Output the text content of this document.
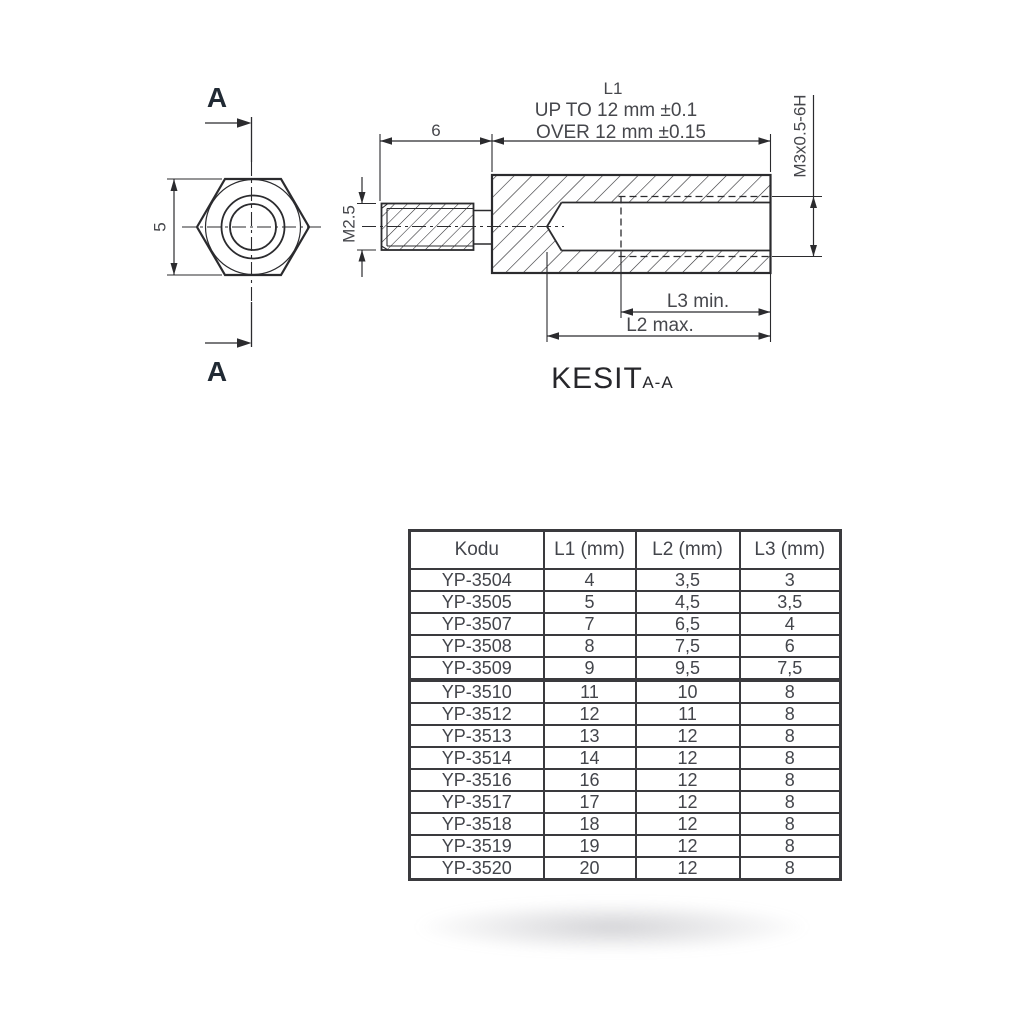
A
A
5
6
L1
UP TO 12 mm ±0.1
OVER 12 mm ±0.15
M2.5
M3x0.5-6H
L3 min.
L2 max.
KESIT A-A
Kodu	L1 (mm)	L2 (mm)	L3 (mm)
YP-3504	4	3,5	3
YP-3505	5	4,5	3,5
YP-3507	7	6,5	4
YP-3508	8	7,5	6
YP-3509	9	9,5	7,5
YP-3510	11	10	8
YP-3512	12	11	8
YP-3513	13	12	8
YP-3514	14	12	8
YP-3516	16	12	8
YP-3517	17	12	8
YP-3518	18	12	8
YP-3519	19	12	8
YP-3520	20	12	8
